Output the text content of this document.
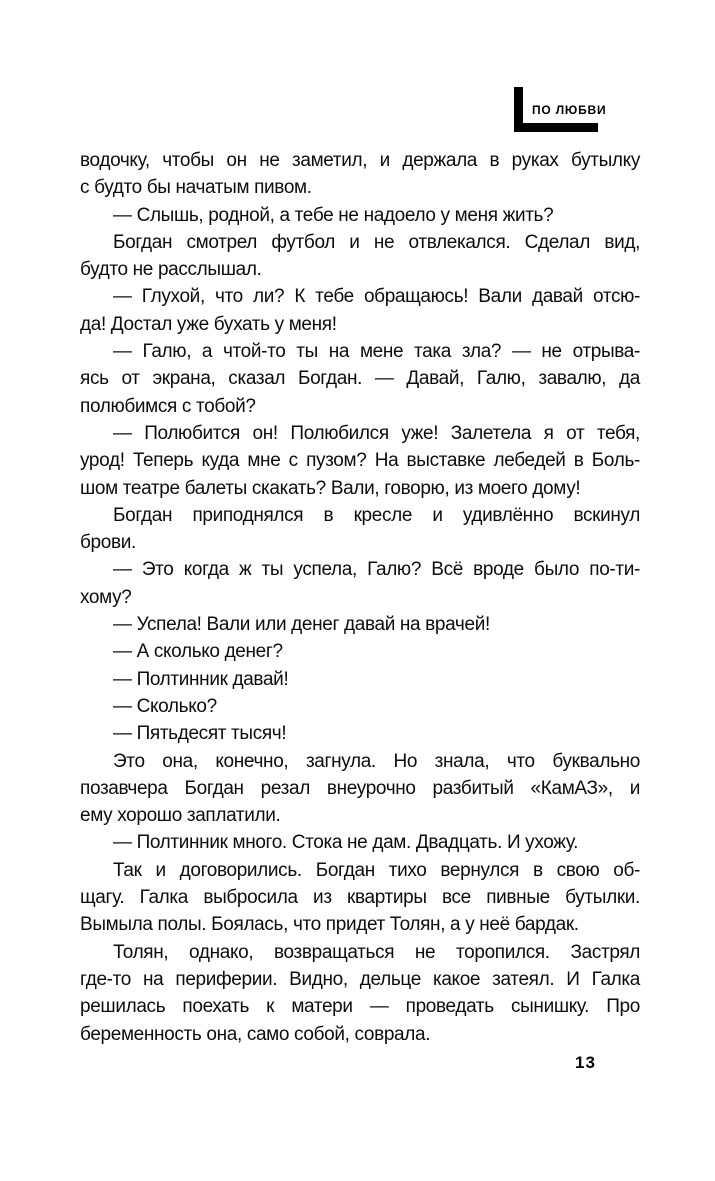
ПО ЛЮБВИ
водочку, чтобы он не заметил, и держала в руках бутылку
с будто бы начатым пивом.
— Слышь, родной, а тебе не надоело у меня жить?
Богдан смотрел футбол и не отвлекался. Сделал вид,
будто не расслышал.
— Глухой, что ли? К тебе обращаюсь! Вали давай отсю-
да! Достал уже бухать у меня!
— Галю, а чтой-то ты на мене така зла? — не отрыва-
ясь от экрана, сказал Богдан. — Давай, Галю, завалю, да
полюбимся с тобой?
— Полюбится он! Полюбился уже! Залетела я от тебя,
урод! Теперь куда мне с пузом? На выставке лебедей в Боль-
шом театре балеты скакать? Вали, говорю, из моего дому!
Богдан приподнялся в кресле и удивлённо вскинул
брови.
— Это когда ж ты успела, Галю? Всё вроде было по-ти-
хому?
— Успела! Вали или денег давай на врачей!
— А сколько денег?
— Полтинник давай!
— Сколько?
— Пятьдесят тысяч!
Это она, конечно, загнула. Но знала, что буквально
позавчера Богдан резал внеурочно разбитый «КамАЗ», и
ему хорошо заплатили.
— Полтинник много. Стока не дам. Двадцать. И ухожу.
Так и договорились. Богдан тихо вернулся в свою об-
щагу. Галка выбросила из квартиры все пивные бутылки.
Вымыла полы. Боялась, что придет Толян, а у неё бардак.
Толян, однако, возвращаться не торопился. Застрял
где-то на периферии. Видно, дельце какое затеял. И Галка
решилась поехать к матери — проведать сынишку. Про
беременность она, само собой, соврала.
13
